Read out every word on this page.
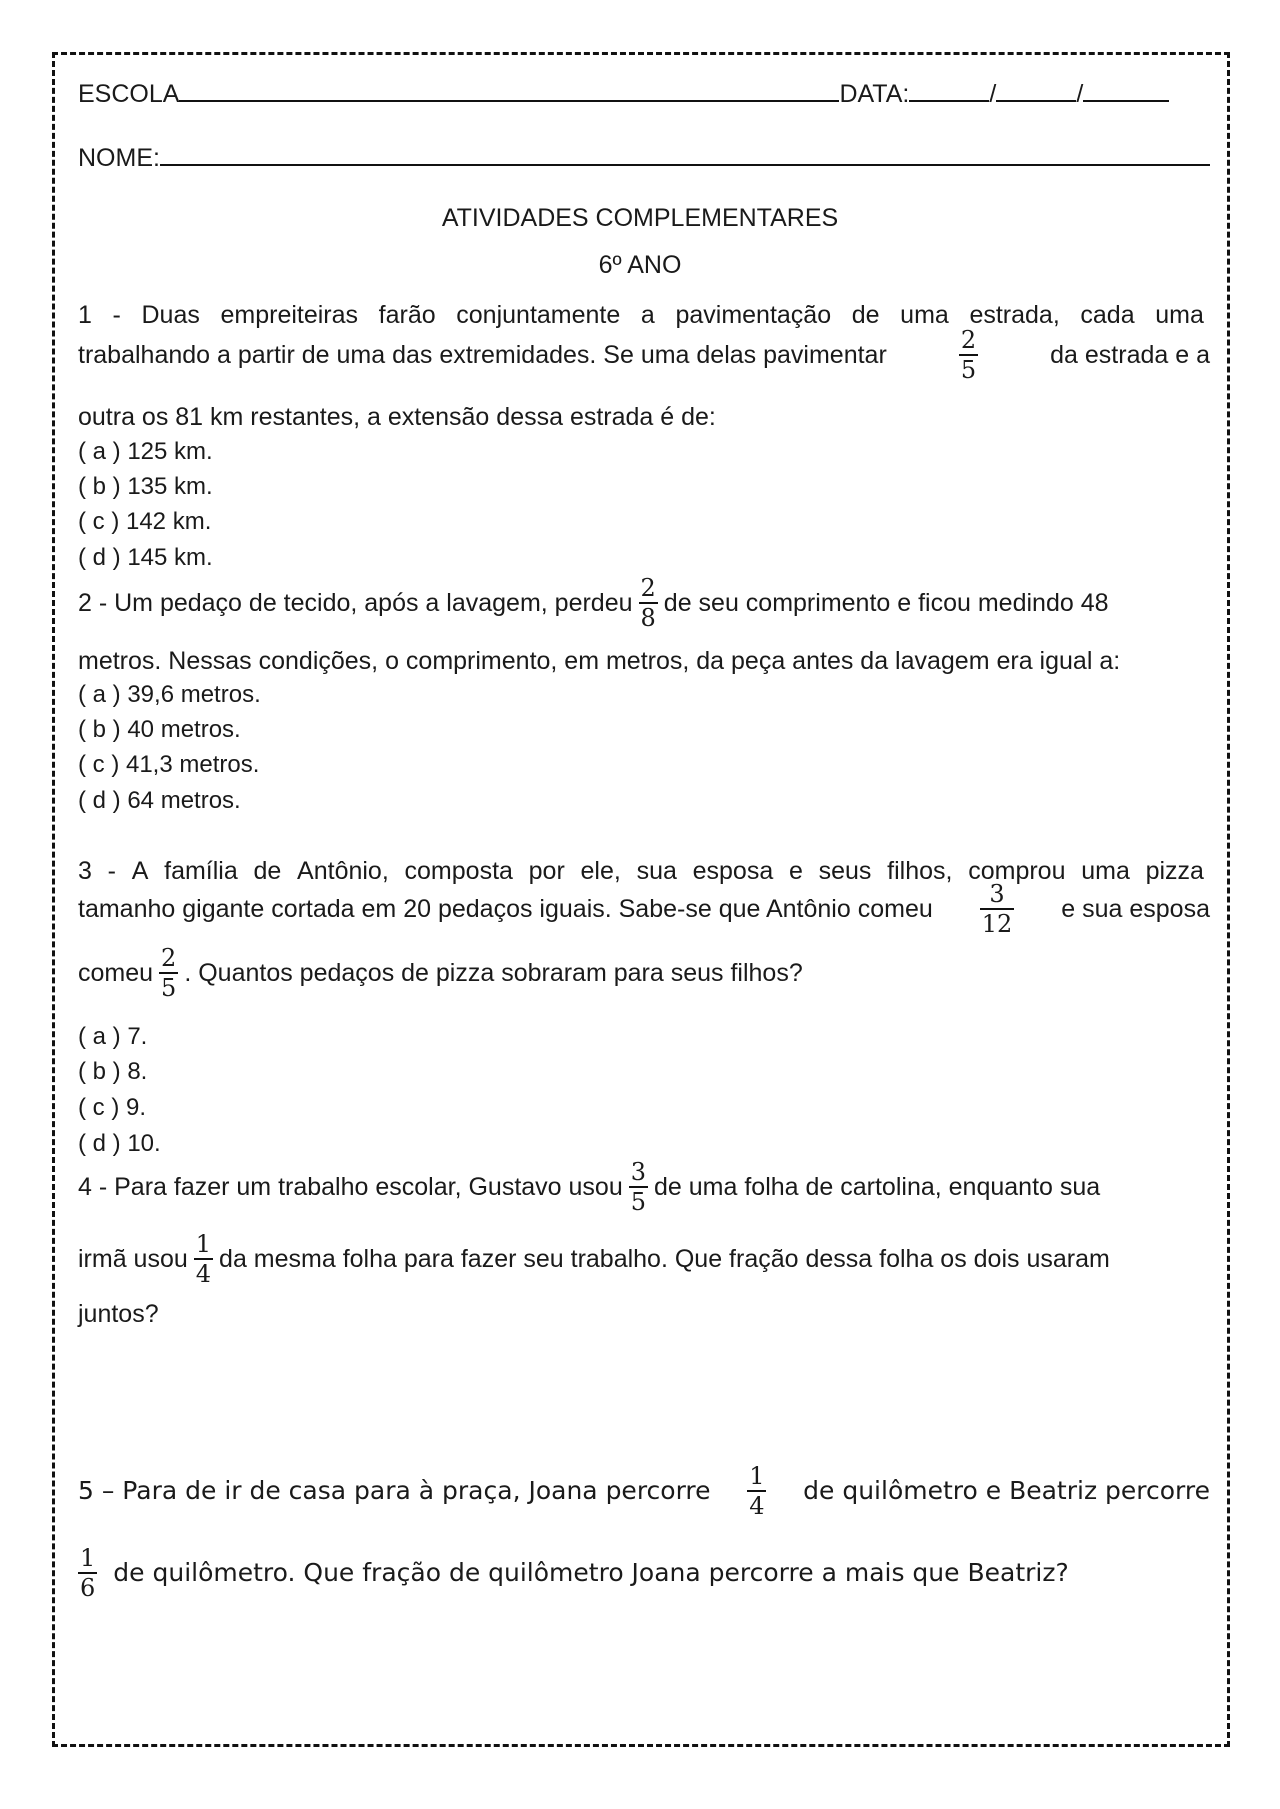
ESCOLA	DATA:	/	/
NOME:
ATIVIDADES COMPLEMENTARES
6º ANO
1 - Duas empreiteiras farão conjuntamente a pavimentação de uma estrada, cada uma
trabalhando a partir de uma das extremidades. Se uma delas pavimentar	$\frac{2}{5}$	da estrada e a
outra os 81 km restantes, a extensão dessa estrada é de:
( a ) 125 km.
( b ) 135 km.
( c ) 142 km.
( d ) 145 km.
2 - Um pedaço de tecido, após a lavagem, perdeu $\frac{2}{8}$ de seu comprimento e ficou medindo 48
metros. Nessas condições, o comprimento, em metros, da peça antes da lavagem era igual a:
( a ) 39,6 metros.
( b ) 40 metros.
( c ) 41,3 metros.
( d ) 64 metros.
3 - A família de Antônio, composta por ele, sua esposa e seus filhos, comprou uma pizza
tamanho gigante cortada em 20 pedaços iguais. Sabe-se que Antônio comeu $\frac{3}{12}$ e sua esposa
comeu $\frac{2}{5}$ . Quantos pedaços de pizza sobraram para seus filhos?
( a ) 7.
( b ) 8.
( c ) 9.
( d ) 10.
4 - Para fazer um trabalho escolar, Gustavo usou $\frac{3}{5}$ de uma folha de cartolina, enquanto sua
irmã usou $\frac{1}{4}$ da mesma folha para fazer seu trabalho. Que fração dessa folha os dois usaram
juntos?
5 – Para de ir de casa para à praça, Joana percorre $\frac{1}{4}$ de quilômetro e Beatriz percorre
$\frac{1}{6}$ de quilômetro. Que fração de quilômetro Joana percorre a mais que Beatriz?
